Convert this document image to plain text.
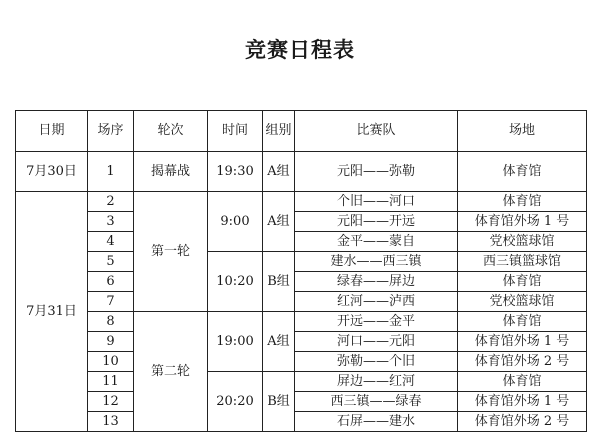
竞赛日程表
日期	场序	轮次	时间	组别	比赛队	场地
7月30日	1	揭幕战	19:30	A组	元阳——弥勒	体育馆
7月31日	2	第一轮	9:00	A组	个旧——河口	体育馆
	3				元阳——开远	体育馆外场 1 号
	4				金平——蒙自	党校篮球馆
	5		10:20	B组	建水——西三镇	西三镇篮球馆
	6				绿春——屏边	体育馆
	7				红河——泸西	党校篮球馆
	8	第二轮	19:00	A组	开远——金平	体育馆
	9				河口——元阳	体育馆外场 1 号
	10				弥勒——个旧	体育馆外场 2 号
	11		20:20	B组	屏边——红河	体育馆
	12				西三镇——绿春	体育馆外场 1 号
	13				石屏——建水	体育馆外场 2 号
